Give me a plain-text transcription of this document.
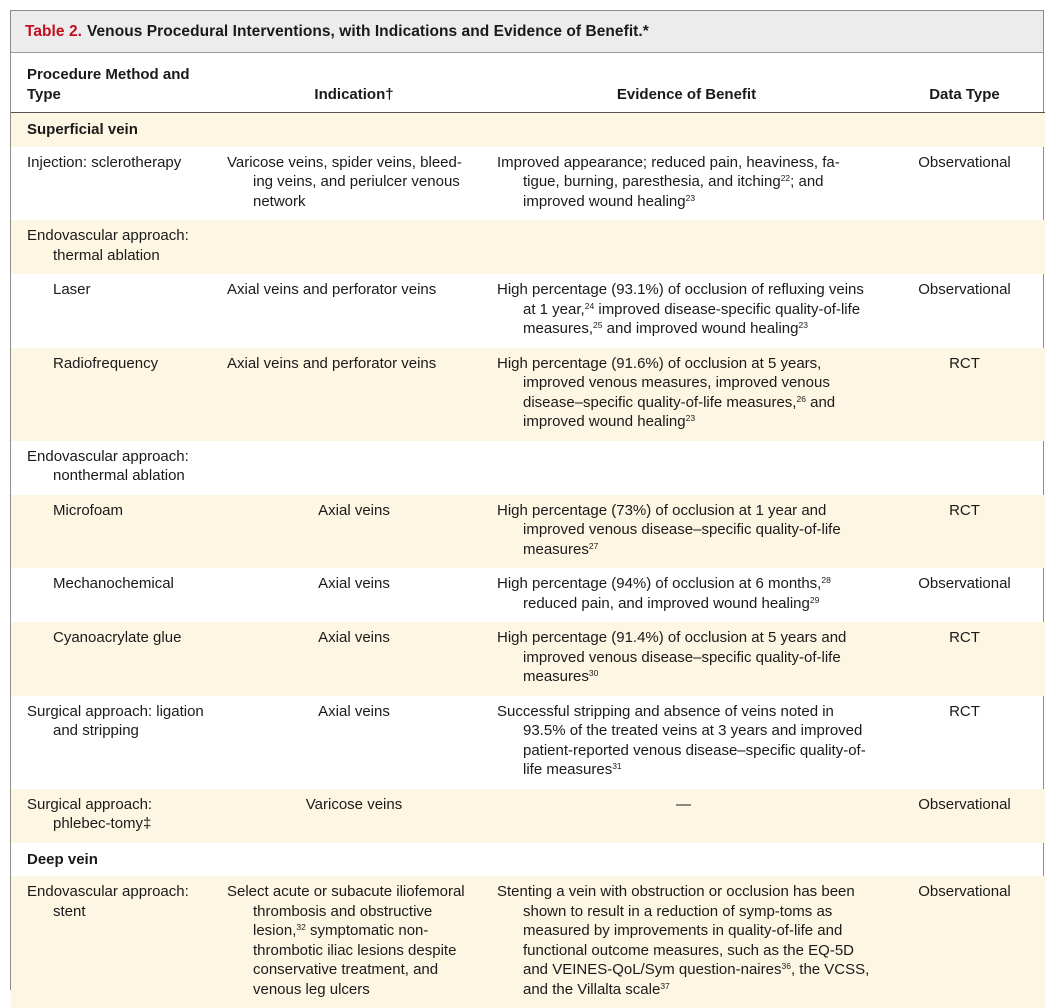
Table 2. Venous Procedural Interventions, with Indications and Evidence of Benefit.*
Procedure Method and Type	Indication†	Evidence of Benefit	Data Type
Superficial vein			

Injection: sclerotherapy	Varicose veins, spider veins, bleed-ing veins, and periulcer venous network	Improved appearance; reduced pain, heaviness, fa-tigue, burning, paresthesia, and itching$^{22}$; and improved wound healing$^{23}$	Observational

Endovascular approach: thermal ablation			

Laser	Axial veins and perforator veins	High percentage (93.1%) of occlusion of refluxing veins at 1 year,$^{24}$ improved disease-specific quality-of-life measures,$^{25}$ and improved wound healing$^{23}$	Observational
Radiofrequency	Axial veins and perforator veins	High percentage (91.6%) of occlusion at 5 years, improved venous measures, improved venous disease–specific quality-of-life measures,$^{26}$ and improved wound healing$^{23}$	RCT

Endovascular approach: nonthermal ablation			

Microfoam	Axial veins	High percentage (73%) of occlusion at 1 year and improved venous disease–specific quality-of-life measures$^{27}$	RCT
Mechanochemical	Axial veins	High percentage (94%) of occlusion at 6 months,$^{28}$ reduced pain, and improved wound healing$^{29}$	Observational
Cyanoacrylate glue	Axial veins	High percentage (91.4%) of occlusion at 5 years and improved venous disease–specific quality-of-life measures$^{30}$	RCT

Surgical approach: ligation and stripping	Axial veins	Successful stripping and absence of veins noted in 93.5% of the treated veins at 3 years and improved patient-reported venous disease–specific quality-of-life measures$^{31}$	RCT

Surgical approach: phlebec-tomy‡	Varicose veins	—	Observational
Deep vein			

Endovascular approach: stent	Select acute or subacute iliofemoral thrombosis and obstructive lesion,$^{32}$ symptomatic non-thrombotic iliac lesions despite conservative treatment, and venous leg ulcers	Stenting a vein with obstruction or occlusion has been shown to result in a reduction of symp-toms as measured by improvements in quality-of-life and functional outcome measures, such as the EQ-5D and VEINES-QoL/Sym question-naires$^{36}$, the VCSS, and the Villalta scale$^{37}$	Observational
